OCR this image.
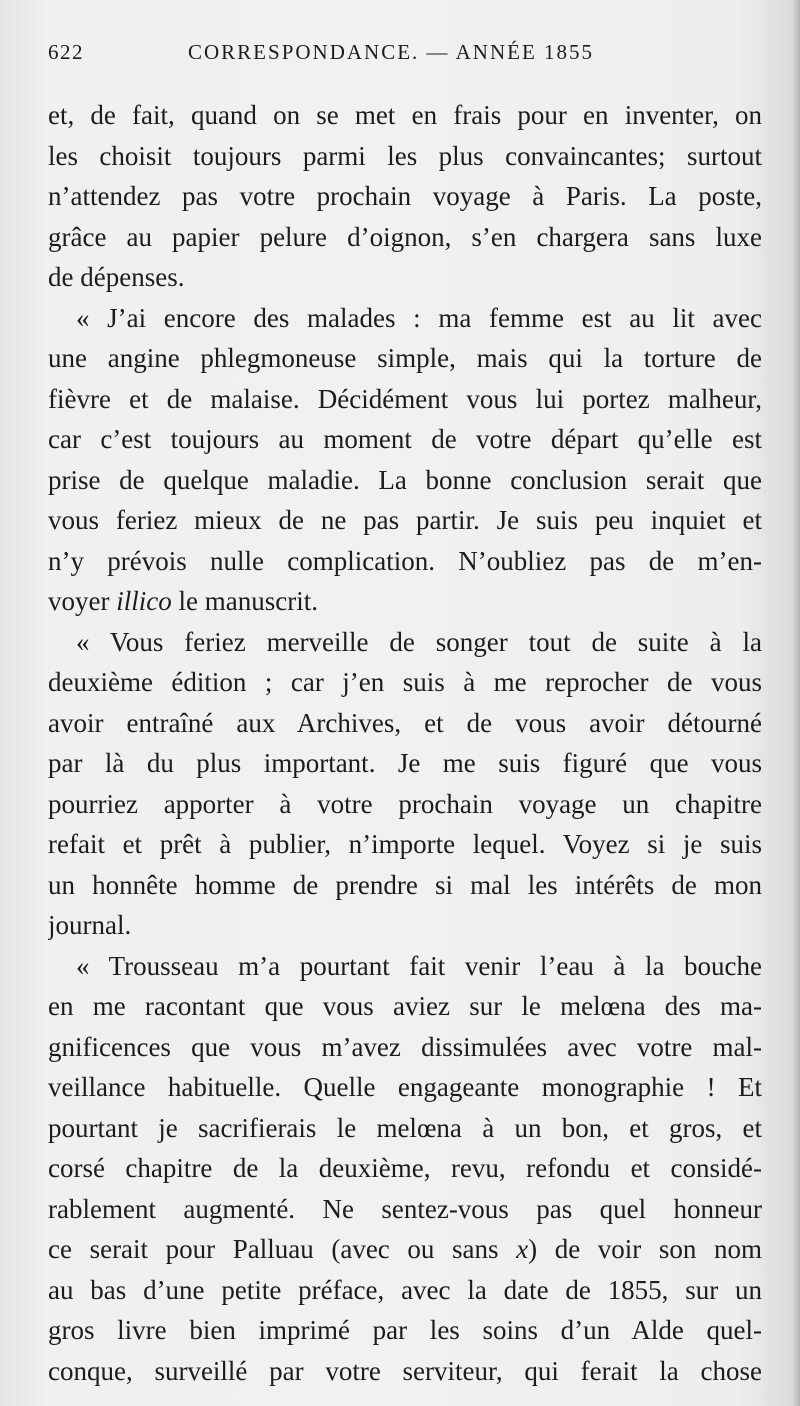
622	CORRESPONDANCE. — ANNÉE 1855
et, de fait, quand on se met en frais pour en inventer, on
les choisit toujours parmi les plus convaincantes; surtout
n’attendez pas votre prochain voyage à Paris. La poste,
grâce au papier pelure d’oignon, s’en chargera sans luxe
de dépenses.
« J’ai encore des malades : ma femme est au lit avec
une angine phlegmoneuse simple, mais qui la torture de
fièvre et de malaise. Décidément vous lui portez malheur,
car c’est toujours au moment de votre départ qu’elle est
prise de quelque maladie. La bonne conclusion serait que
vous feriez mieux de ne pas partir. Je suis peu inquiet et
n’y prévois nulle complication. N’oubliez pas de m’en-
voyer illico le manuscrit.
« Vous feriez merveille de songer tout de suite à la
deuxième édition ; car j’en suis à me reprocher de vous
avoir entraîné aux Archives, et de vous avoir détourné
par là du plus important. Je me suis figuré que vous
pourriez apporter à votre prochain voyage un chapitre
refait et prêt à publier, n’importe lequel. Voyez si je suis
un honnête homme de prendre si mal les intérêts de mon
journal.
« Trousseau m’a pourtant fait venir l’eau à la bouche
en me racontant que vous aviez sur le melœna des ma-
gnificences que vous m’avez dissimulées avec votre mal-
veillance habituelle. Quelle engageante monographie ! Et
pourtant je sacrifierais le melœna à un bon, et gros, et
corsé chapitre de la deuxième, revu, refondu et considé-
rablement augmenté. Ne sentez-vous pas quel honneur
ce serait pour Palluau (avec ou sans x) de voir son nom
au bas d’une petite préface, avec la date de 1855, sur un
gros livre bien imprimé par les soins d’un Alde quel-
conque, surveillé par votre serviteur, qui ferait la chose
